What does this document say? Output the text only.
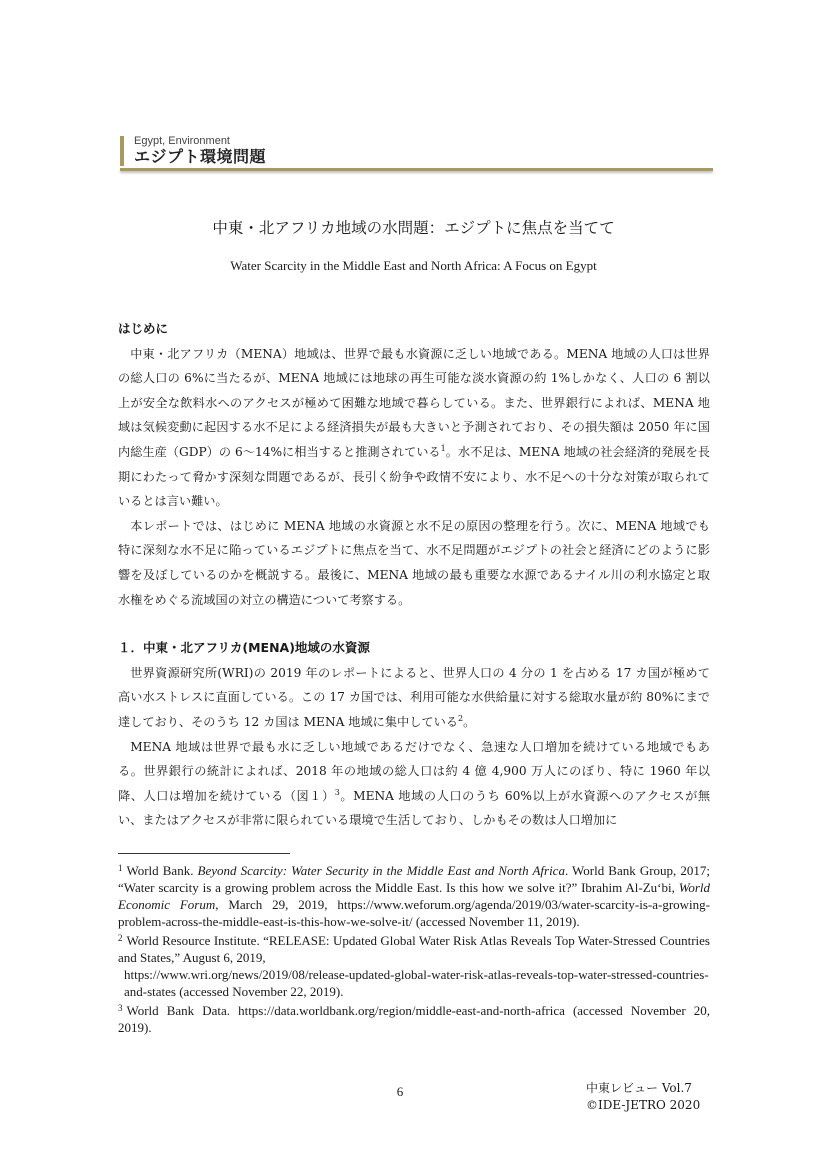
Egypt, Environment
エジプト環境問題
中東・北アフリカ地域の水問題：エジプトに焦点を当てて
Water Scarcity in the Middle East and North Africa: A Focus on Egypt

はじめに

中東・北アフリカ（MENA）地域は、世界で最も水資源に乏しい地域である。MENA 地域の人口は世界の総人口の 6%に当たるが、MENA 地域には地球の再生可能な淡水資源の約 1%しかなく、人口の 6 割以上が安全な飲料水へのアクセスが極めて困難な地域で暮らしている。また、世界銀行によれば、MENA 地域は気候変動に起因する水不足による経済損失が最も大きいと予測されており、その損失額は 2050 年に国内総生産（GDP）の 6〜14%に相当すると推測されている$^1$。水不足は、MENA 地域の社会経済的発展を長期にわたって脅かす深刻な問題であるが、長引く紛争や政情不安により、水不足への十分な対策が取られているとは言い難い。

本レポートでは、はじめに MENA 地域の水資源と水不足の原因の整理を行う。次に、MENA 地域でも特に深刻な水不足に陥っているエジプトに焦点を当て、水不足問題がエジプトの社会と経済にどのように影響を及ぼしているのかを概説する。最後に、MENA 地域の最も重要な水源であるナイル川の利水協定と取水権をめぐる流域国の対立の構造について考察する。

１．中東・北アフリカ(MENA)地域の水資源

世界資源研究所(WRI)の 2019 年のレポートによると、世界人口の 4 分の 1 を占める 17 カ国が極めて高い水ストレスに直面している。この 17 カ国では、利用可能な水供給量に対する総取水量が約 80%にまで達しており、そのうち 12 カ国は MENA 地域に集中している$^2$。

MENA 地域は世界で最も水に乏しい地域であるだけでなく、急速な人口増加を続けている地域でもある。世界銀行の統計によれば、2018 年の地域の総人口は約 4 億 4,900 万人にのぼり、特に 1960 年以降、人口は増加を続けている（図１）$^3$。MENA 地域の人口のうち 60%以上が水資源へのアクセスが無い、またはアクセスが非常に限られている環境で生活しており、しかもその数は人口増加に

$^1$ World Bank. Beyond Scarcity: Water Security in the Middle East and North Africa. World Bank Group, 2017; “Water scarcity is a growing problem across the Middle East. Is this how we solve it?” Ibrahim Al-Zu‘bi, World Economic Forum, March 29, 2019, https://www.weforum.org/agenda/2019/03/water-scarcity-is-a-growing-problem-across-the-middle-east-is-this-how-we-solve-it/ (accessed November 11, 2019).

$^2$ World Resource Institute. “RELEASE: Updated Global Water Risk Atlas Reveals Top Water-Stressed Countries and States,” August 6, 2019,
https://www.wri.org/news/2019/08/release-updated-global-water-risk-atlas-reveals-top-water-stressed-countries-and-states (accessed November 22, 2019).

$^3$ World Bank Data. https://data.worldbank.org/region/middle-east-and-north-africa (accessed November 20, 2019).

6	中東レビュー Vol.7
©IDE-JETRO 2020
